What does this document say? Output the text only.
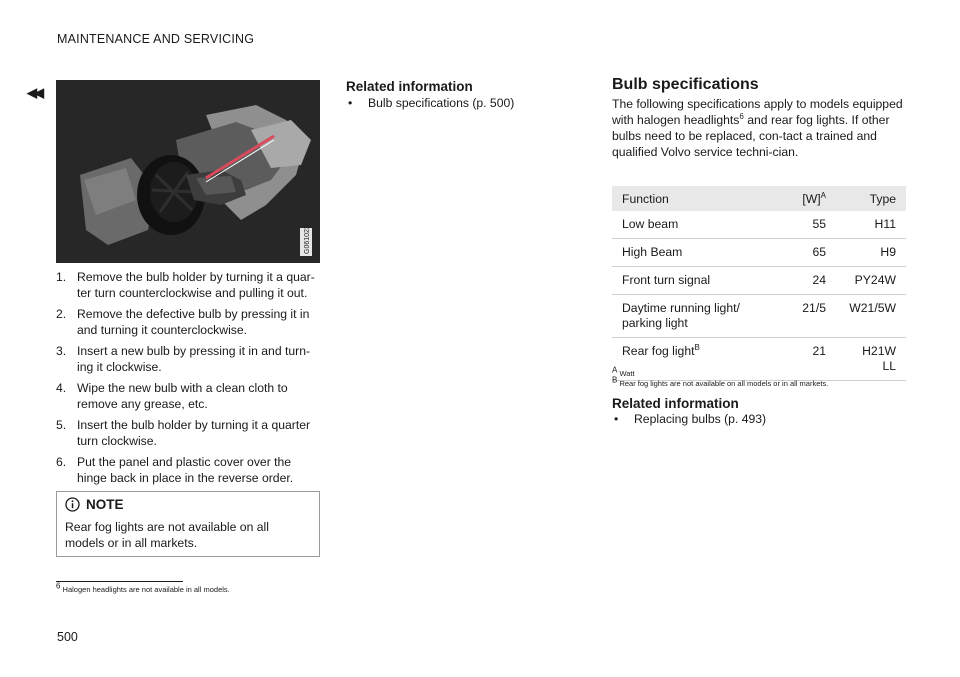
MAINTENANCE AND SERVICING
◀◀
G061023
1. Remove the bulb holder by turning it a quar-ter turn counterclockwise and pulling it out.
2. Remove the defective bulb by pressing it in and turning it counterclockwise.
3. Insert a new bulb by pressing it in and turn-ing it clockwise.
4. Wipe the new bulb with a clean cloth to remove any grease, etc.
5. Insert the bulb holder by turning it a quarter turn clockwise.
6. Put the panel and plastic cover over the hinge back in place in the reverse order.
NOTE
Rear fog lights are not available on all models or in all markets.
$^6$ Halogen headlights are not available in all models.
500
Related information
• Bulb specifications (p. 500)
Bulb specifications
The following specifications apply to models equipped with halogen headlights$^6$ and rear fog lights. If other bulbs need to be replaced, con-tact a trained and qualified Volvo service techni-cian.
Function	$[W]^A$	Type
Low beam	55	H11
High Beam	65	H9
Front turn signal	24	PY24W
Daytime running light/ parking light	21/5	W21/5W
Rear fog light$^B$	21	H21W LL
$^A$ Watt
$^B$ Rear fog lights are not available on all models or in all markets.
Related information
• Replacing bulbs (p. 493)
